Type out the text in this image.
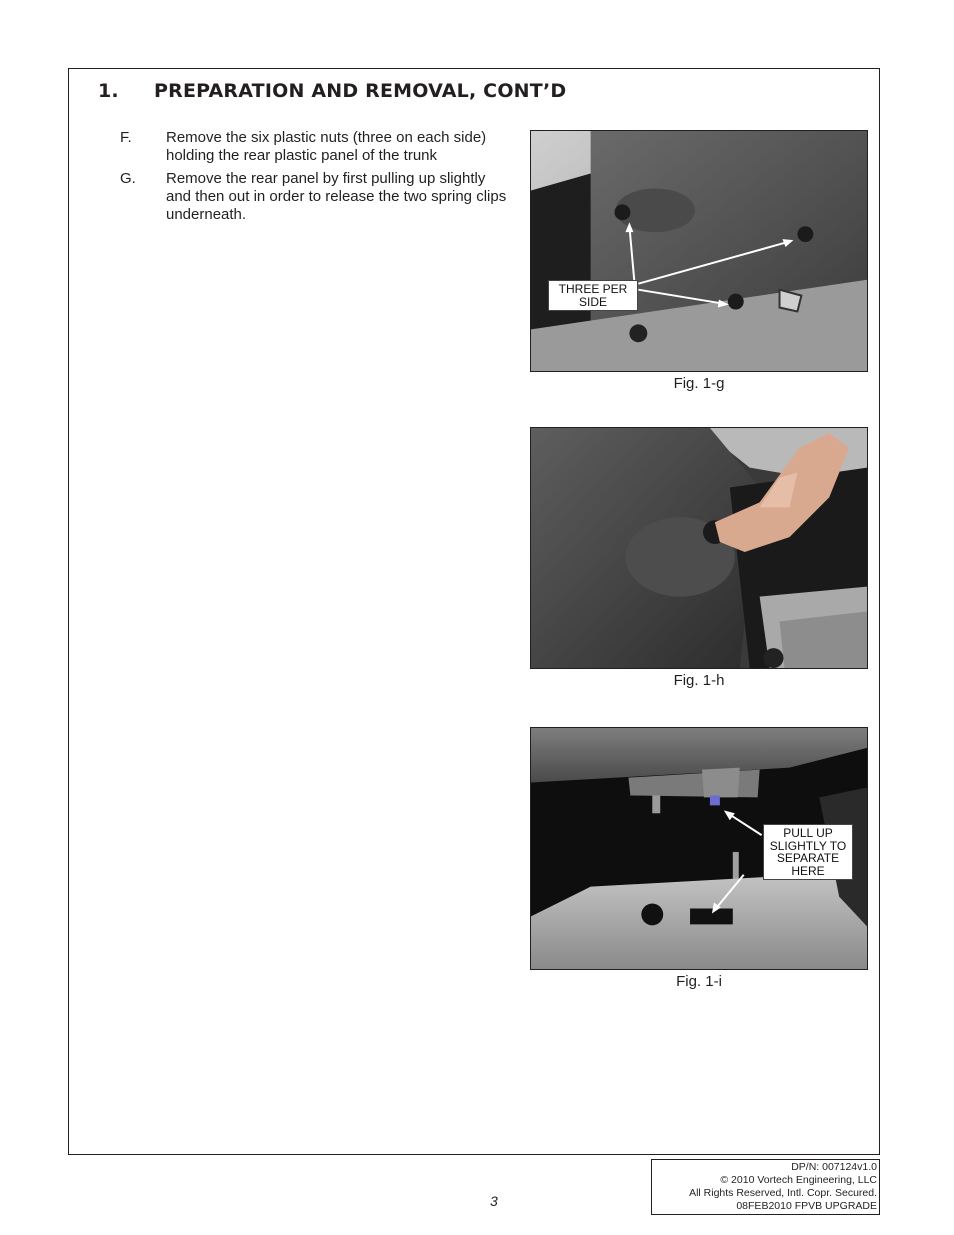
1. PREPARATION AND REMOVAL, CONT’D
F. Remove the six plastic nuts (three on each side) holding the rear plastic panel of the trunk
G. Remove the rear panel by first pulling up slightly and then out in order to release the two spring clips underneath.
THREE PER
SIDE
Fig. 1-g
Fig. 1-h
PULL UP
SLIGHTLY TO
SEPARATE
HERE
Fig. 1-i
3
DP/N: 007124v1.0
© 2010 Vortech Engineering, LLC
All Rights Reserved, Intl. Copr. Secured.
08FEB2010 FPVB UPGRADE
